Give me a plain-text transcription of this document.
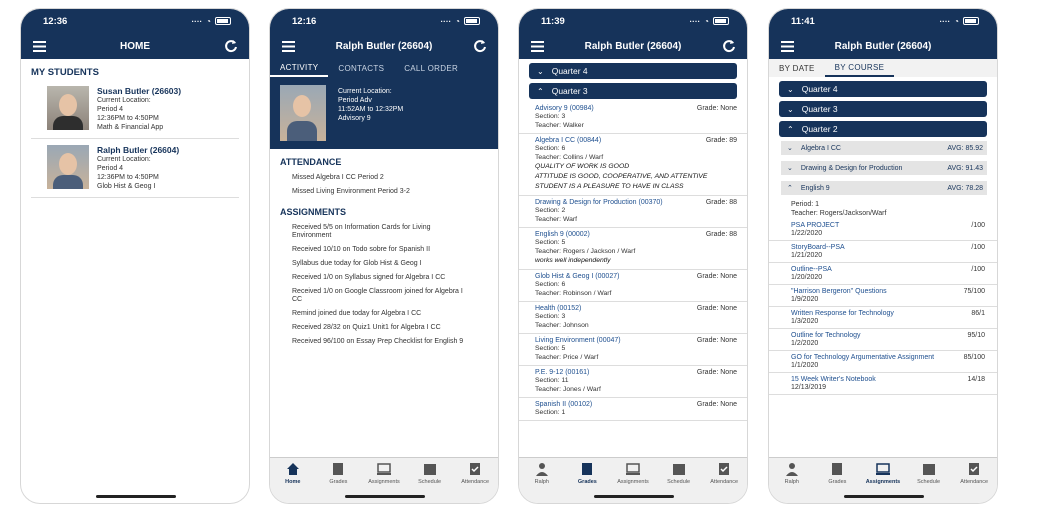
12:36	···· ◔
HOME
MY STUDENTS
Susan Butler (26603)
Current Location:
Period 4
12:36PM to 4:50PM
Math & Financial App
Ralph Butler (26604)
Current Location:
Period 4
12:36PM to 4:50PM
Glob Hist & Geog I
12:16	···· ◔
Ralph Butler (26604)
ACTIVITY	CONTACTS	CALL ORDER
Current Location:
Period Adv
11:52AM to 12:32PM
Advisory 9
ATTENDANCE
Missed Algebra I CC Period 2
Missed Living Environment Period 3-2
ASSIGNMENTS
Received 5/5 on Information Cards for Living Environment
Received 10/10 on Todo sobre for Spanish II
Syllabus due today for Glob Hist & Geog I
Received 1/0 on Syllabus signed for Algebra I CC
Received 1/0 on Google Classroom joined for Algebra I CC
Remind joined due today for Algebra I CC
Received 28/32 on Quiz1 Unit1 for Algebra I CC
Received 96/100 on Essay Prep Checklist for English 9
Home	Grades	Assignments	Schedule	Attendance
11:39	···· ◔
Ralph Butler (26604)
⌄ Quarter 4
⌃ Quarter 3
Advisory 9 (00984)	Grade: None
Section: 3
Teacher: Walker
Algebra I CC (00844)	Grade: 89
Section: 6
Teacher: Collins / Warf
QUALITY OF WORK IS GOOD
ATTITUDE IS GOOD, COOPERATIVE, AND ATTENTIVE
STUDENT IS A PLEASURE TO HAVE IN CLASS
Drawing & Design for Production (00370)	Grade: 88
Section: 2
Teacher: Warf
English 9 (00002)	Grade: 88
Section: 5
Teacher: Rogers / Jackson / Warf
works well independently
Glob Hist & Geog I (00027)	Grade: None
Section: 6
Teacher: Robinson / Warf
Health (00152)	Grade: None
Section: 3
Teacher: Johnson
Living Environment (00047)	Grade: None
Section: 5
Teacher: Price / Warf
P.E. 9-12 (00161)	Grade: None
Section: 11
Teacher: Jones / Warf
Spanish II (00102)	Grade: None
Section: 1
Ralph	Grades	Assignments	Schedule	Attendance
11:41	···· ◔
Ralph Butler (26604)
BY DATE	BY COURSE
⌄ Quarter 4
⌄ Quarter 3
⌃ Quarter 2
⌄ Algebra I CC	AVG: 85.92
⌄ Drawing & Design for Production	AVG: 91.43
⌃ English 9	AVG: 78.28
Period: 1
Teacher: Rogers/Jackson/Warf
PSA PROJECT
1/22/2020
/100
StoryBoard--PSA
1/21/2020
/100
Outline--PSA
1/20/2020
/100
"Harrison Bergeron" Questions
1/9/2020
75/100
Written Response for Technology
1/3/2020
86/1
Outline for Technology
1/2/2020
95/10
GO for Technology Argumentative Assignment
1/1/2020
85/100
15 Week Writer's Notebook
12/13/2019
14/18
Ralph	Grades	Assignments	Schedule	Attendance
